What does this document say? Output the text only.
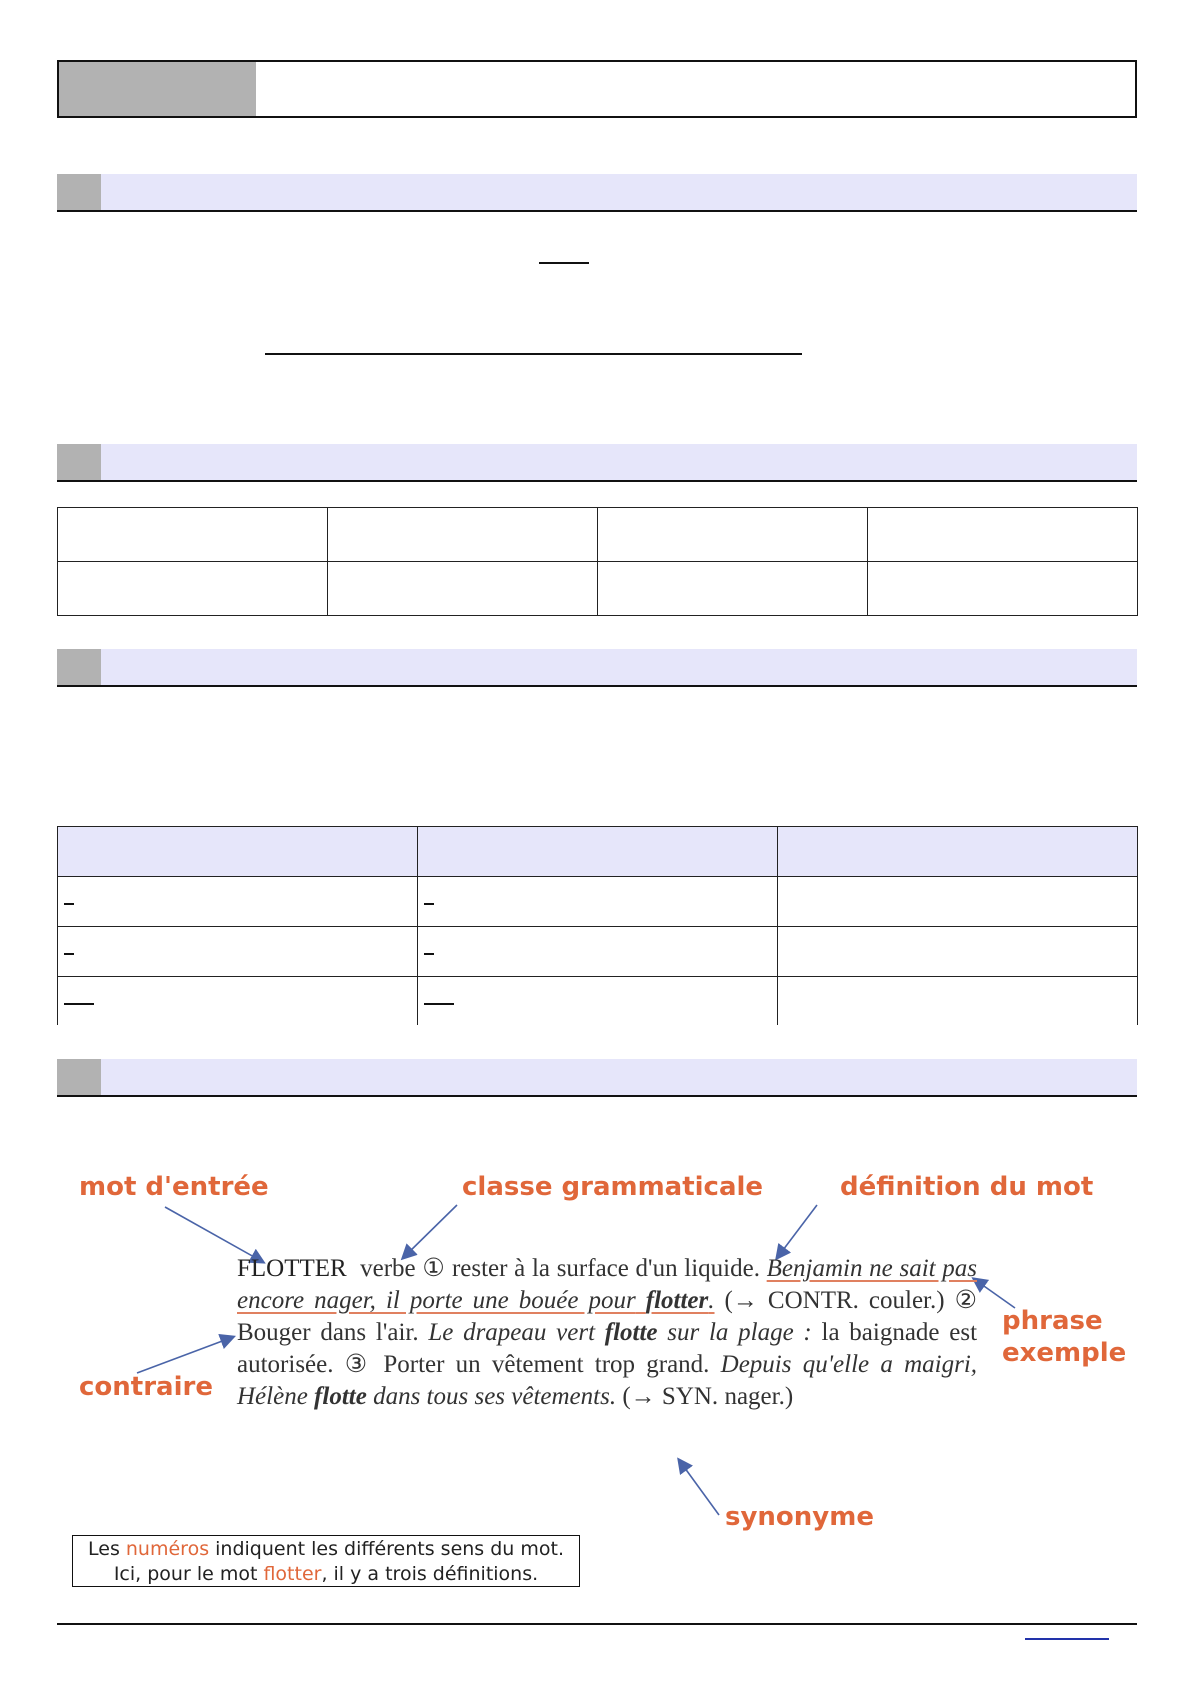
mot d'entrée	classe grammaticale	définition du mot
phrase
exemple
contraire
synonyme
FLOTTER verbe ① rester à la surface d'un liquide. Benjamin ne sait pas encore nager, il porte une bouée pour flotter. (→ CONTR. couler.) ② Bouger dans l'air. Le drapeau vert flotte sur la plage : la baignade est autorisée. ③ Porter un vêtement trop grand. Depuis qu'elle a maigri, Hélène flotte dans tous ses vêtements. (→ SYN. nager.)
Les numéros indiquent les différents sens du mot.
Ici, pour le mot flotter, il y a trois définitions.
